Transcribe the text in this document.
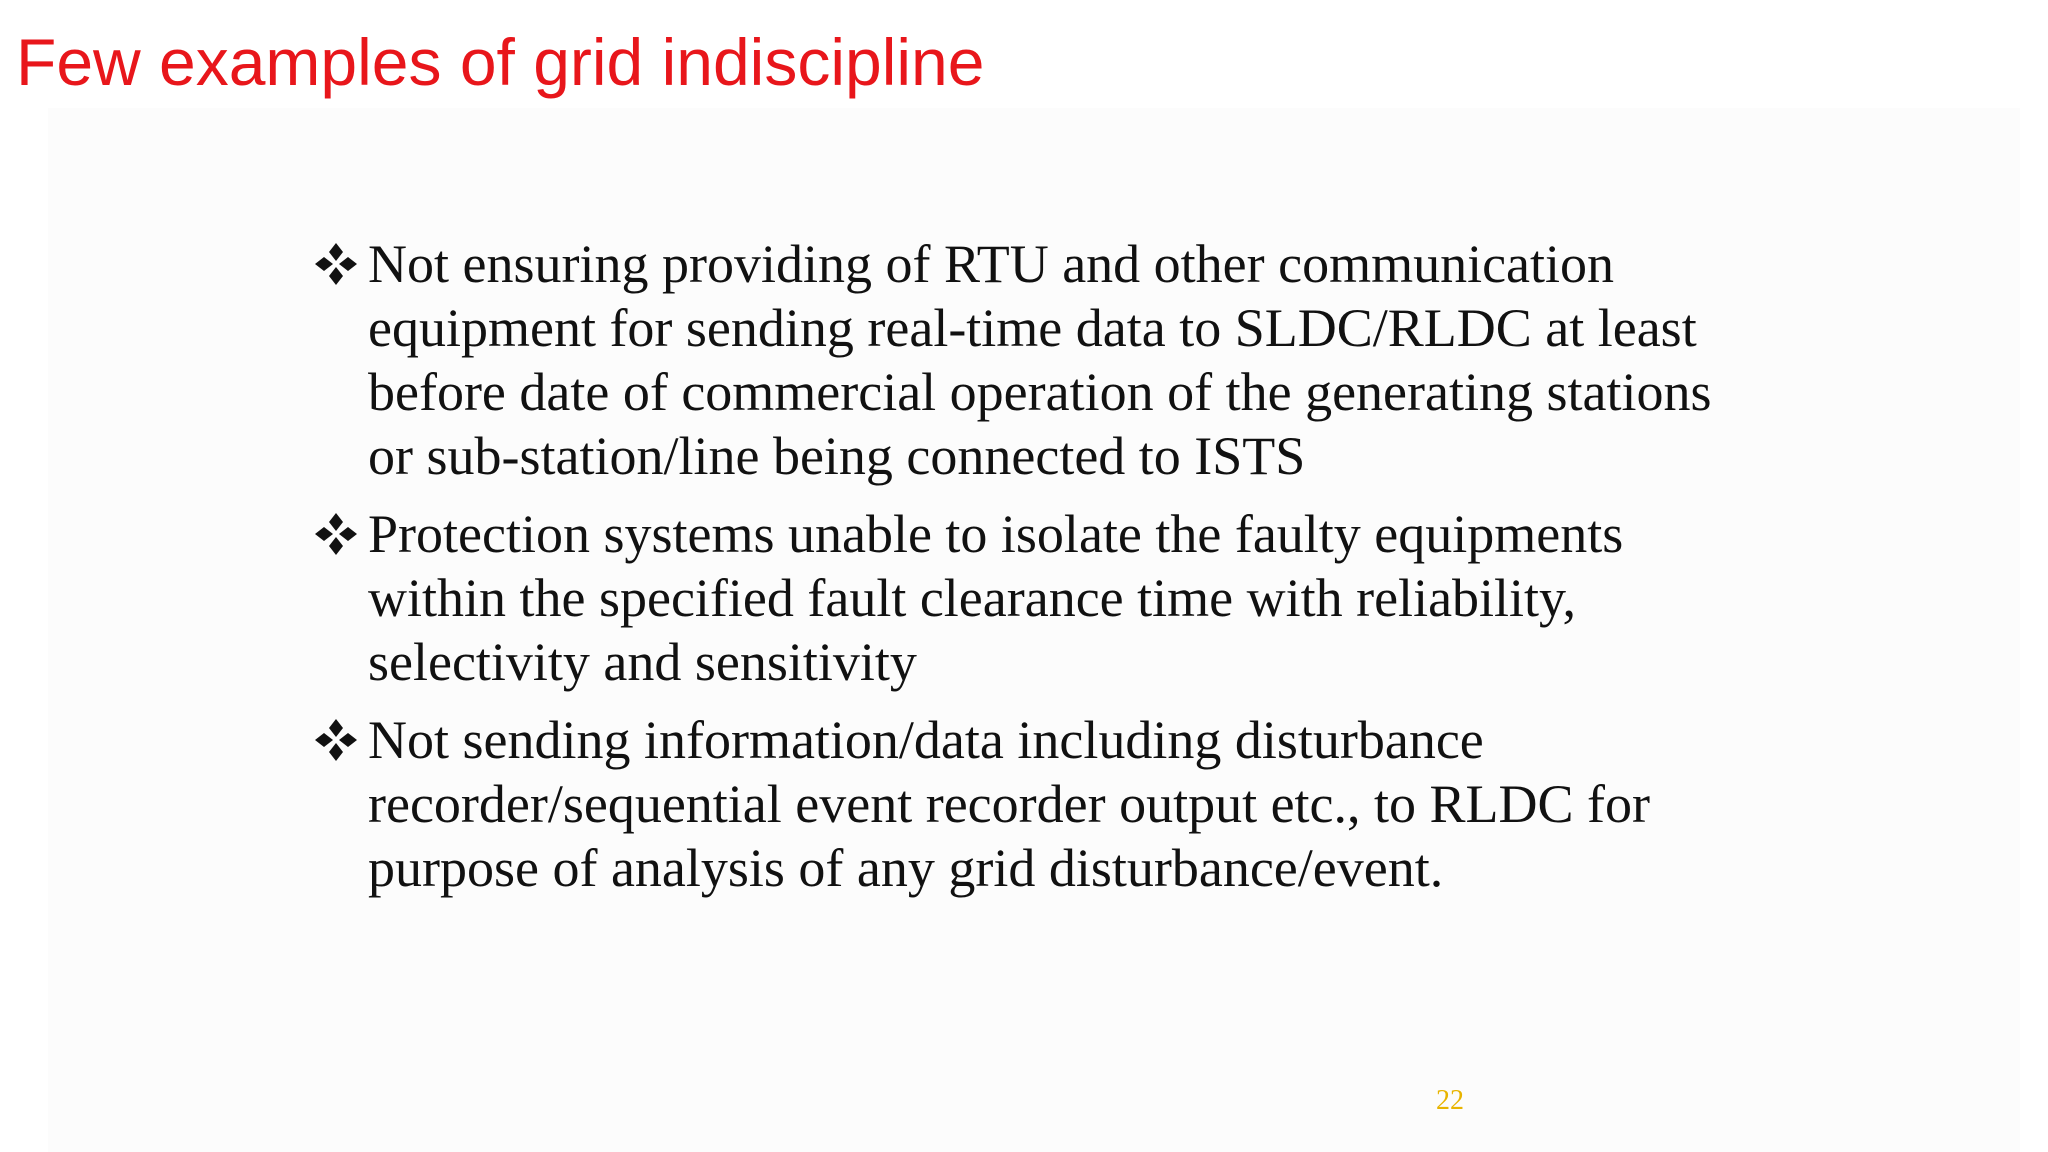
Few examples of grid indiscipline
Not ensuring providing of RTU and other communication equipment for sending real-time data to SLDC/RLDC at least before date of commercial operation of the generating stations or sub-station/line being connected to ISTS
Protection systems unable to isolate the faulty equipments within the specified fault clearance time with reliability, selectivity and sensitivity
Not sending information/data including disturbance recorder/sequential event recorder output etc., to RLDC for purpose of analysis of any grid disturbance/event.
22
